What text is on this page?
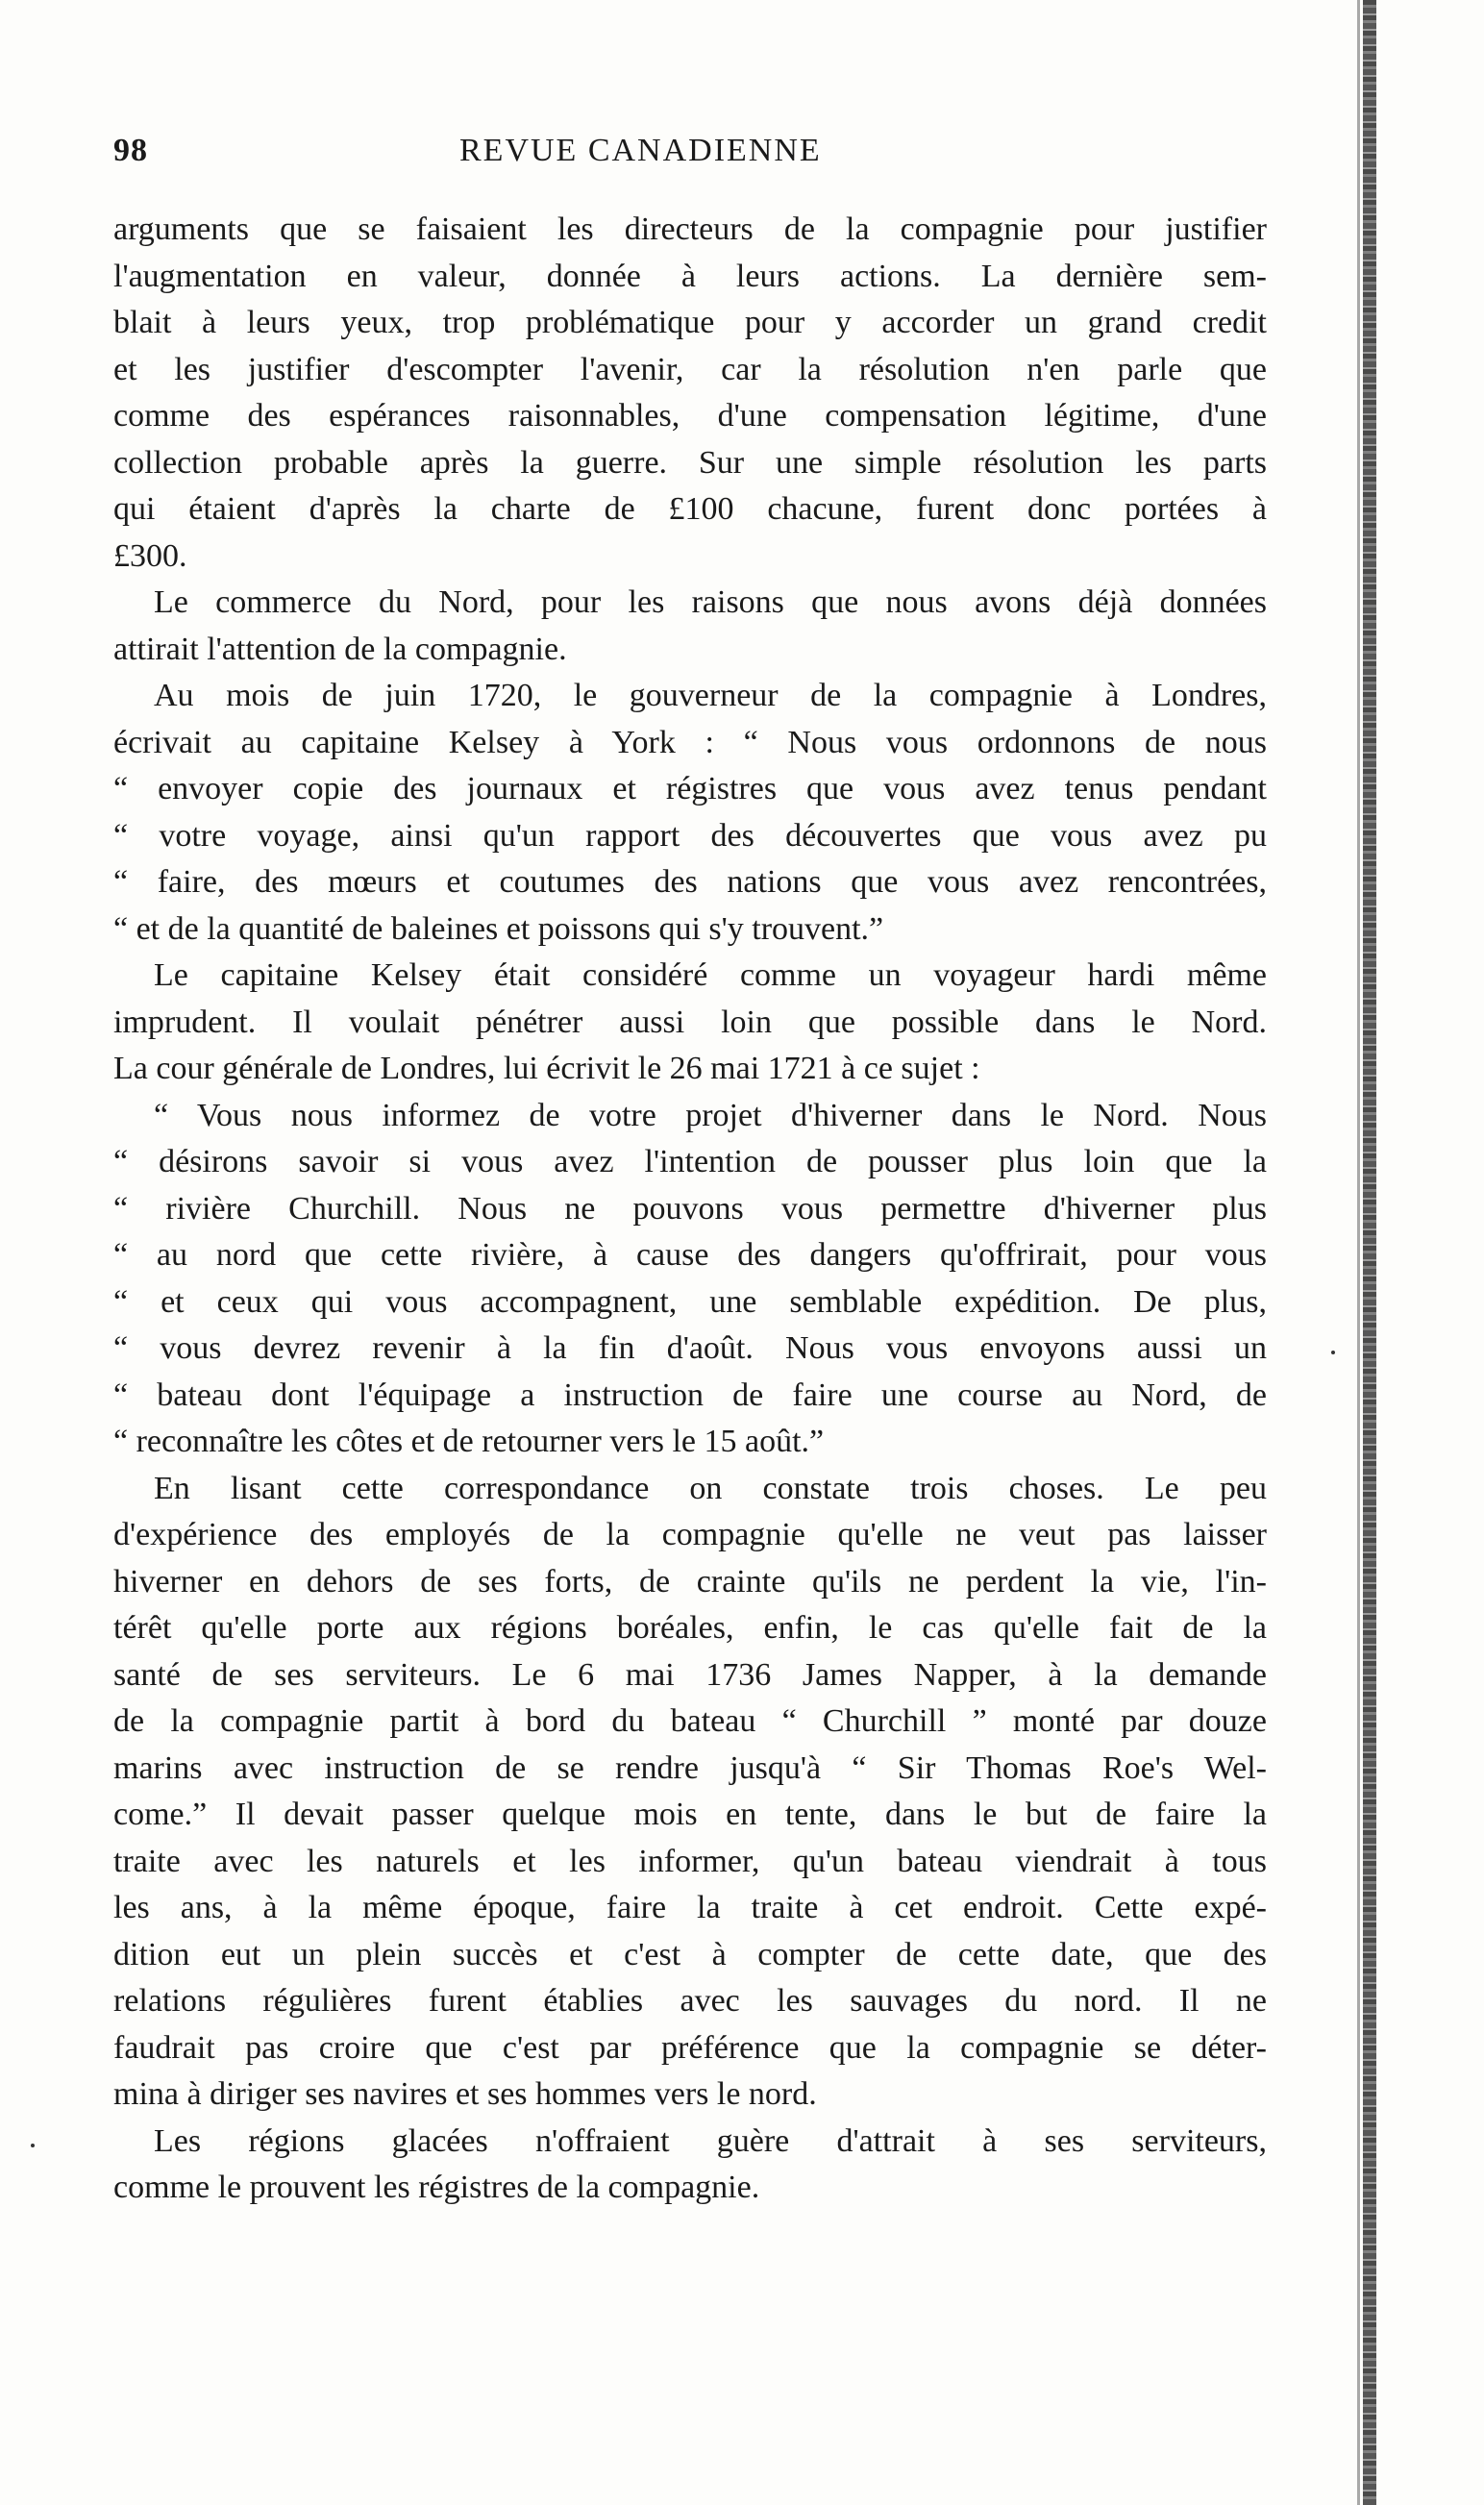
98	REVUE CANADIENNE
arguments que se faisaient les directeurs de la compagnie pour justifier
l'augmentation en valeur, donnée à leurs actions. La dernière sem-
blait à leurs yeux, trop problématique pour y accorder un grand credit
et les justifier d'escompter l'avenir, car la résolution n'en parle que
comme des espérances raisonnables, d'une compensation légitime, d'une
collection probable après la guerre. Sur une simple résolution les parts
qui étaient d'après la charte de £100 chacune, furent donc portées à
£300.
Le commerce du Nord, pour les raisons que nous avons déjà données
attirait l'attention de la compagnie.
Au mois de juin 1720, le gouverneur de la compagnie à Londres,
écrivait au capitaine Kelsey à York : “ Nous vous ordonnons de nous
“ envoyer copie des journaux et régistres que vous avez tenus pendant
“ votre voyage, ainsi qu'un rapport des découvertes que vous avez pu
“ faire, des mœurs et coutumes des nations que vous avez rencontrées,
“ et de la quantité de baleines et poissons qui s'y trouvent.”
Le capitaine Kelsey était considéré comme un voyageur hardi même
imprudent. Il voulait pénétrer aussi loin que possible dans le Nord.
La cour générale de Londres, lui écrivit le 26 mai 1721 à ce sujet :
“ Vous nous informez de votre projet d'hiverner dans le Nord. Nous
“ désirons savoir si vous avez l'intention de pousser plus loin que la
“ rivière Churchill. Nous ne pouvons vous permettre d'hiverner plus
“ au nord que cette rivière, à cause des dangers qu'offrirait, pour vous
“ et ceux qui vous accompagnent, une semblable expédition. De plus,
“ vous devrez revenir à la fin d'août. Nous vous envoyons aussi un
“ bateau dont l'équipage a instruction de faire une course au Nord, de
“ reconnaître les côtes et de retourner vers le 15 août.”
En lisant cette correspondance on constate trois choses. Le peu
d'expérience des employés de la compagnie qu'elle ne veut pas laisser
hiverner en dehors de ses forts, de crainte qu'ils ne perdent la vie, l'in-
térêt qu'elle porte aux régions boréales, enfin, le cas qu'elle fait de la
santé de ses serviteurs. Le 6 mai 1736 James Napper, à la demande
de la compagnie partit à bord du bateau “ Churchill ” monté par douze
marins avec instruction de se rendre jusqu'à “ Sir Thomas Roe's Wel-
come.” Il devait passer quelque mois en tente, dans le but de faire la
traite avec les naturels et les informer, qu'un bateau viendrait à tous
les ans, à la même époque, faire la traite à cet endroit. Cette expé-
dition eut un plein succès et c'est à compter de cette date, que des
relations régulières furent établies avec les sauvages du nord. Il ne
faudrait pas croire que c'est par préférence que la compagnie se déter-
mina à diriger ses navires et ses hommes vers le nord.
Les régions glacées n'offraient guère d'attrait à ses serviteurs,
comme le prouvent les régistres de la compagnie.
